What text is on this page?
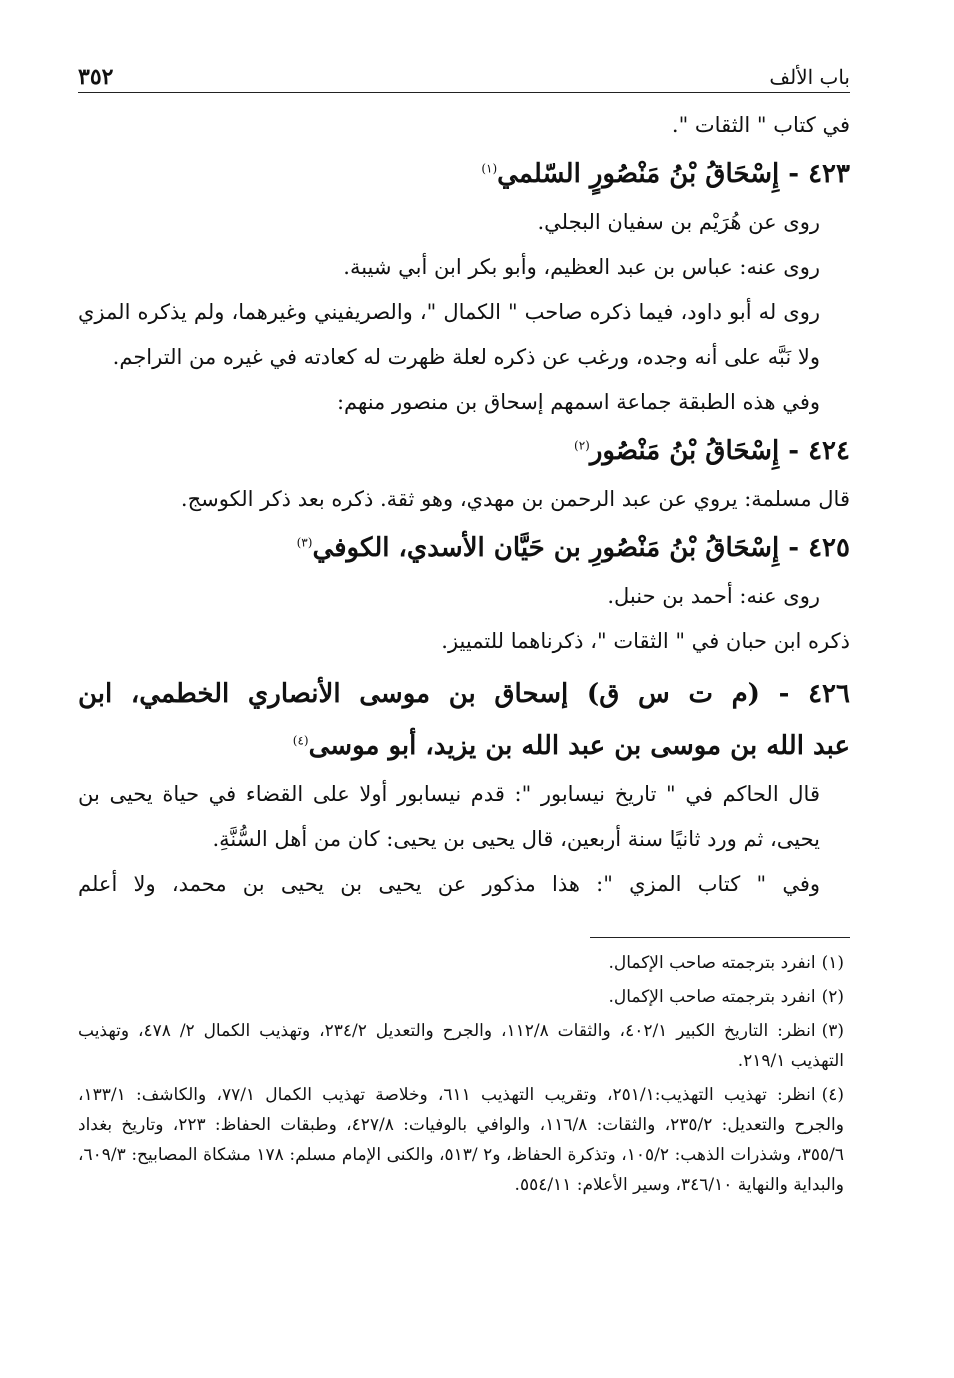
باب الألف
٣٥٢
في كتاب " الثقات ".
٤٢٣ - إِسْحَاقُ بْنُ مَنْصُورٍ السّلمي$^{(١)}$
روى عن هُرَيْم بن سفيان البجلي.
روى عنه: عباس بن عبد العظيم، وأبو بكر ابن أبي شيبة.
روى له أبو داود، فيما ذكره صاحب " الكمال "، والصريفيني وغيرهما، ولم يذكره المزي ولا نَبَّه على أنه وجده، ورغب عن ذكره لعلة ظهرت له كعادته في غيره من التراجم.
وفي هذه الطبقة جماعة اسمهم إسحاق بن منصور منهم:
٤٢٤ - إِسْحَاقُ بْنُ مَنْصُور$^{(٢)}$
قال مسلمة: يروي عن عبد الرحمن بن مهدي، وهو ثقة. ذكره بعد ذكر الكوسج.
٤٢٥ - إِسْحَاقُ بْنُ مَنْصُورِ بن حَيَّان الأسدي، الكوفي$^{(٣)}$
روى عنه: أحمد بن حنبل.
ذكره ابن حبان في " الثقات "، ذكرناهما للتمييز.
٤٢٦ - (م ت س ق) إسحاق بن موسى الأنصاري الخطمي، ابن
عبد الله بن موسى بن عبد الله بن يزيد، أبو موسى$^{(٤)}$
قال الحاكم في " تاريخ نيسابور ": قدم نيسابور أولا على القضاء في حياة يحيى بن يحيى، ثم ورد ثانيًا سنة أربعين، قال يحيى بن يحيى: كان من أهل السُّنَّةِ.
وفي " كتاب المزي ": هذا مذكور عن يحيى بن يحيى بن محمد، ولا أعلم
(١)انفرد بترجمته صاحب الإكمال.
(٢)انفرد بترجمته صاحب الإكمال.
(٣)انظر: التاريخ الكبير ٤٠٢/١، والثقات ١١٢/٨، والجرح والتعديل ٢٣٤/٢، وتهذيب الكمال ٢/ ٤٧٨، وتهذيب التهذيب ٢١٩/١.
(٤)انظر: تهذيب التهذيب:٢٥١/١، وتقريب التهذيب ٦١١، وخلاصة تهذيب الكمال ٧٧/١، والكاشف: ١٣٣/١، والجرح والتعديل: ٢٣٥/٢، والثقات: ١١٦/٨، والوافي بالوفيات: ٤٢٧/٨، وطبقات الحفاظ: ٢٢٣، وتاريخ بغداد ٣٥٥/٦، وشذرات الذهب: ١٠٥/٢، وتذكرة الحفاظ، و٢ /٥١٣، والكنى الإمام مسلم: ١٧٨ مشكاة المصابيح: ٦٠٩/٣، والبداية والنهاية ٣٤٦/١٠، وسير الأعلام: ٥٥٤/١١.
